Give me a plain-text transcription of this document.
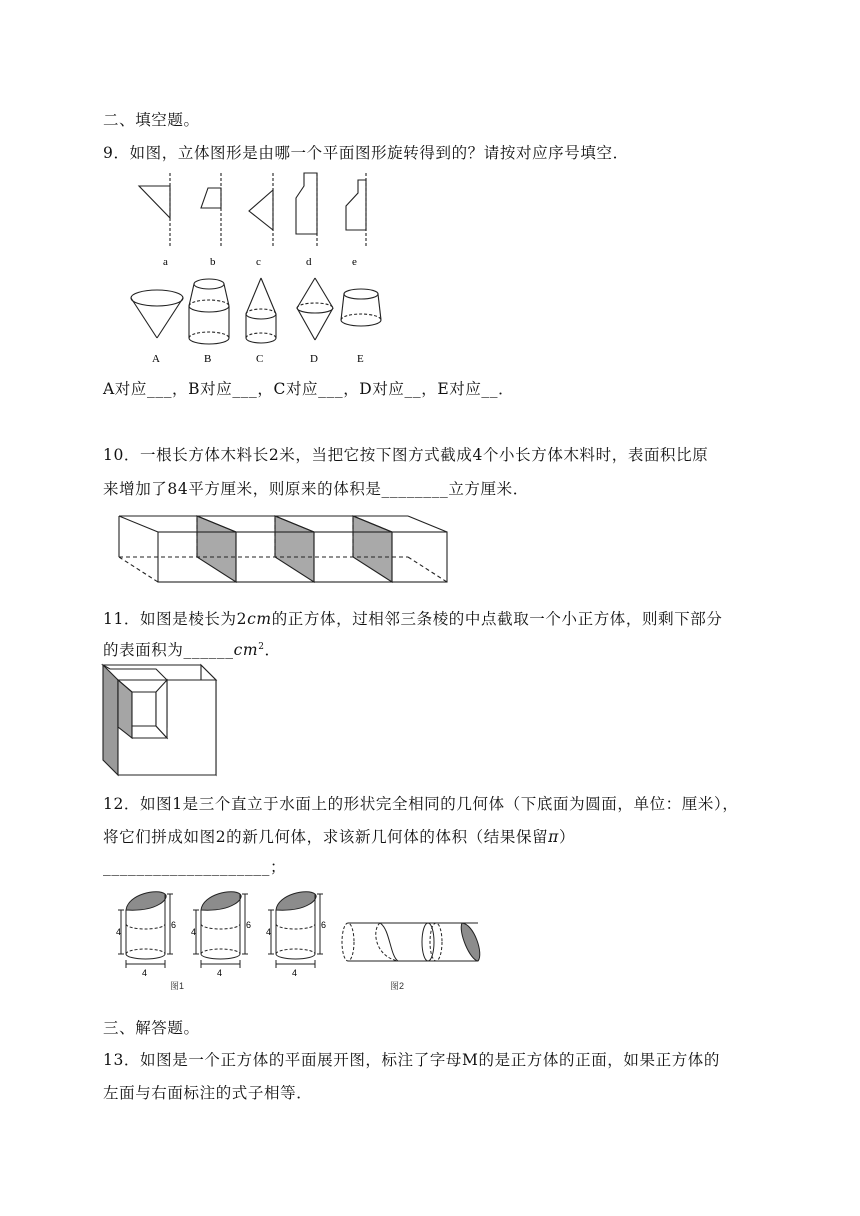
二、填空题。
9．如图，立体图形是由哪一个平面图形旋转得到的？请按对应序号填空．
a	b	c	d	e
A	B	C	D	E
A对应___，B对应___，C对应___，D对应__，E对应__．
10．一根长方体木料长2米，当把它按下图方式截成4个小长方体木料时，表面积比原
来增加了84平方厘米，则原来的体积是________立方厘米．
11．如图是棱长为2cm的正方体，过相邻三条棱的中点截取一个小正方体，则剩下部分
的表面积为$\_\_\_\_\_\_cm^2$．
12．如图1是三个直立于水面上的形状完全相同的几何体（下底面为圆面，单位：厘米），
将它们拼成如图2的新几何体，求该新几何体的体积（结果保留π）
____________________；
4
6
4
4
6
4
4
6
4
图1	图2
三、解答题。
13．如图是一个正方体的平面展开图，标注了字母M的是正方体的正面，如果正方体的
左面与右面标注的式子相等．
